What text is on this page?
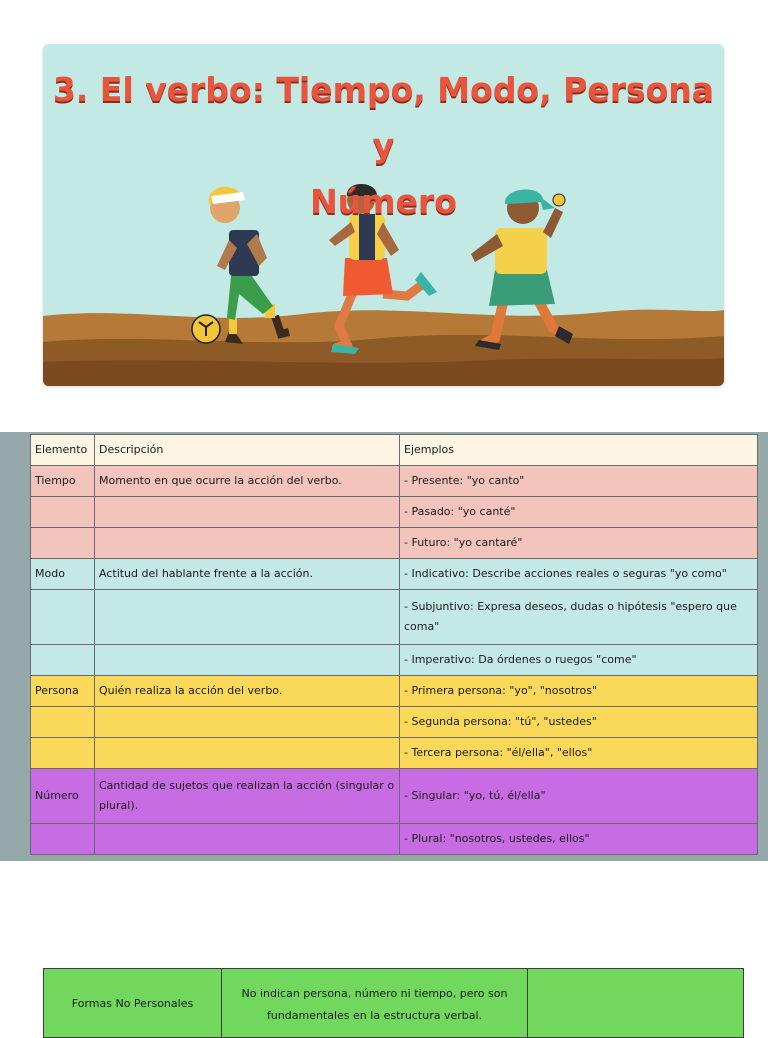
3. El verbo: Tiempo, Modo, Persona y
Número
Elemento	Descripción	Ejemplos
Tiempo	Momento en que ocurre la acción del verbo.	- Presente: "yo canto"
		- Pasado: "yo canté"
		- Futuro: "yo cantaré"
Modo	Actitud del hablante frente a la acción.	- Indicativo: Describe acciones reales o seguras "yo como"
		- Subjuntivo: Expresa deseos, dudas o hipótesis "espero que coma"
		- Imperativo: Da órdenes o ruegos "come"
Persona	Quién realiza la acción del verbo.	- Primera persona: "yo", "nosotros"
		- Segunda persona: "tú", "ustedes"
		- Tercera persona: "él/ella", "ellos"
Número	Cantidad de sujetos que realizan la acción (singular o plural).	- Singular: "yo, tú, él/ella"
		- Plural: "nosotros, ustedes, ellos"
Formas No Personales	No indican persona, número ni tiempo, pero son fundamentales en la estructura verbal.	
